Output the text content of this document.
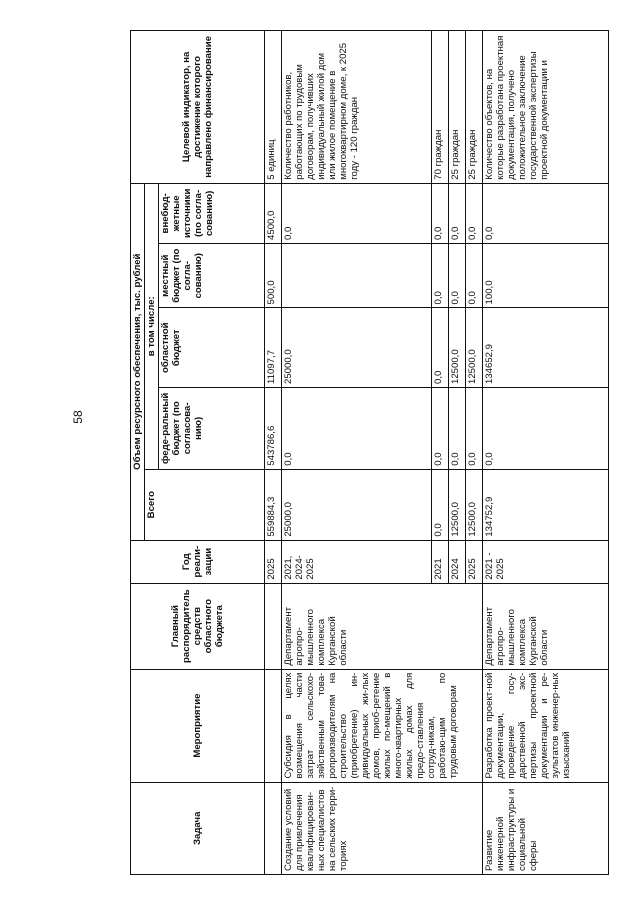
58
Задача	Мероприятие	Главный распорядитель средств областного бюджета	Год реали-зации	Объем ресурсного обеспечения, тыс. рублей					Целевой индикатор, на достижение которого направлено финансирование
				Всего	в том числе:				
					феде-ральный бюджет (по согласова-нию)	областной бюджет	местный бюджет (по согла-сованию)	внебюд-жетные источники (по согла-сованию)	
			2025	559884,3	543786,6	11097,7	500,0	4500,0	5 единиц
Создание условий для привлечения квалифицирован-ных специалистов на сельских терри-ториях	Субсидия в целях возмещения части затрат сельскохо-зяйственным това-ропроизводителям на строительство (приобретение) ин-дивидуальных жи-лых домов, приоб-ретение жилых по-мещений в много-квартирных жилых домах для предо-ставления сотруд-никам, работаю-щим по трудовым договорам	Департамент агропро-мышленного комплекса Курганской области	2021, 2024-2025	25000,0	0,0	25000,0		0,0	Количество работников, работающих по трудовым договорам, получивших индивидуальный жилой дом или жилое помещение в многоквартирном доме, к 2025 году - 120 граждан
			2021	0,0	0,0	0,0	0,0	0,0	70 граждан
			2024	12500,0	0,0	12500,0	0,0	0,0	25 граждан
			2025	12500,0	0,0	12500,0	0,0	0,0	25 граждан
Развитие инженерной инфраструктуры и социальной сферы	Разработка проект-ной документации, проведение госу-дарственной экс-пертизы проектной документации и ре-зультатов инженер-ных изысканий	Департамент агропро-мышленного комплекса Курганской области	2021 - 2025	134752,9	0,0	134652,9	100,0	0,0	Количество объектов, на которые разработана проектная документация, получено положительное заключение государственной экспертизы проектной документации и
